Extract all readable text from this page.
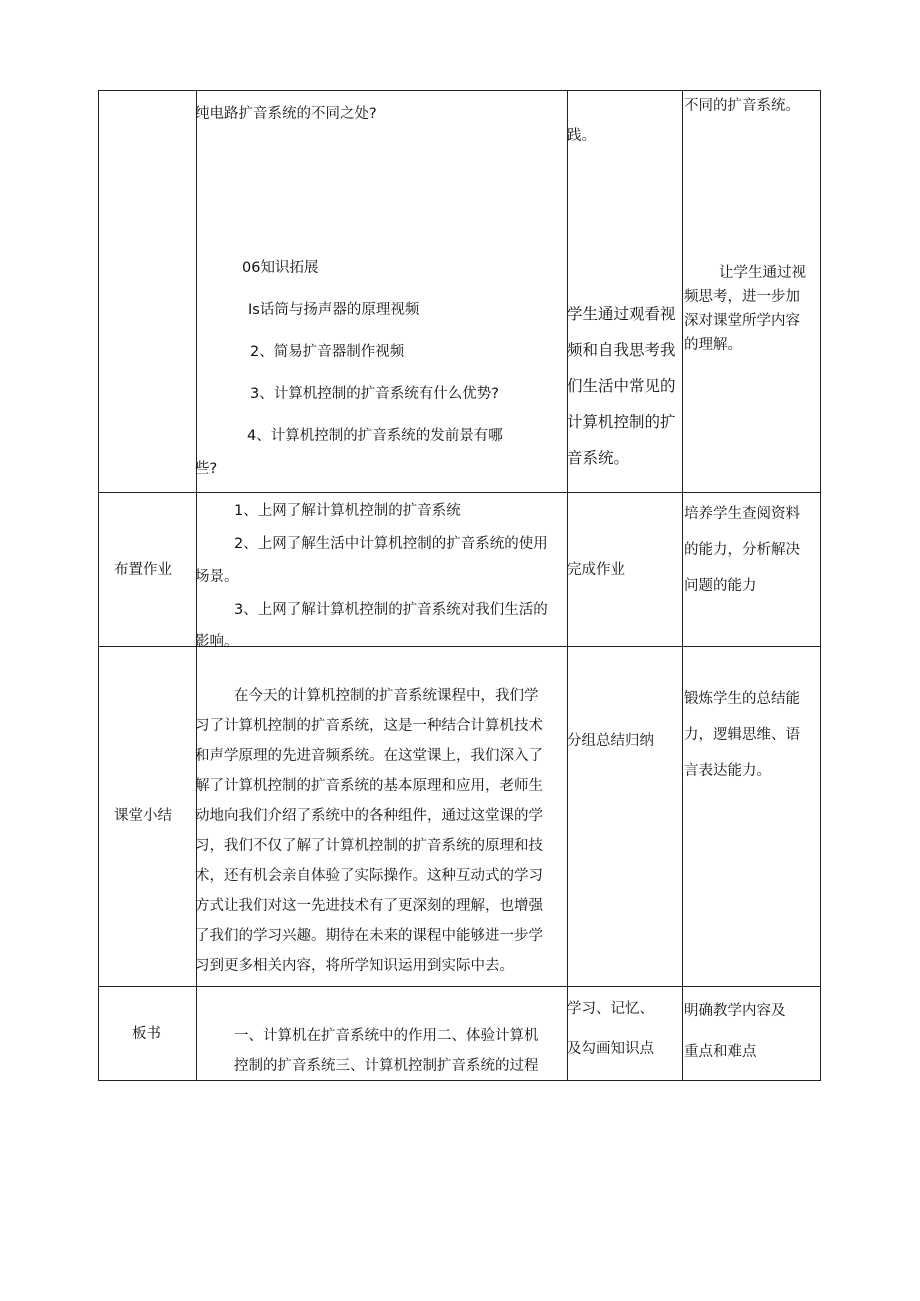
纯电路扩音系统的不同之处?
06知识拓展
Is话筒与扬声器的原理视频
2、简易扩音器制作视频
3、计算机控制的扩音系统有什么优势?
4、计算机控制的扩音系统的发前景有哪
些?
践。
学生通过观看视
频和自我思考我
们生活中常见的
计算机控制的扩
音系统。
不同的扩音系统。
让学生通过视
频思考，进一步加
深对课堂所学内容
的理解。
布置作业
1、上网了解计算机控制的扩音系统
2、上网了解生活中计算机控制的扩音系统的使用
场景。
3、上网了解计算机控制的扩音系统对我们生活的
影响。
完成作业
培养学生查阅资料
的能力，分析解决
问题的能力
课堂小结
在今天的计算机控制的扩音系统课程中，我们学
习了计算机控制的扩音系统，这是一种结合计算机技术
和声学原理的先进音频系统。在这堂课上，我们深入了
解了计算机控制的扩音系统的基本原理和应用，老师生
动地向我们介绍了系统中的各种组件，通过这堂课的学
习，我们不仅了解了计算机控制的扩音系统的原理和技
术，还有机会亲自体验了实际操作。这种互动式的学习
方式让我们对这一先进技术有了更深刻的理解，也增强
了我们的学习兴趣。期待在未来的课程中能够进一步学
习到更多相关内容，将所学知识运用到实际中去。
分组总结归纳
锻炼学生的总结能
力，逻辑思维、语
言表达能力。
板书	一、计算机在扩音系统中的作用二、体验计算机
控制的扩音系统三、计算机控制扩音系统的过程
学习、记忆、
及勾画知识点
明确教学内容及
重点和难点
